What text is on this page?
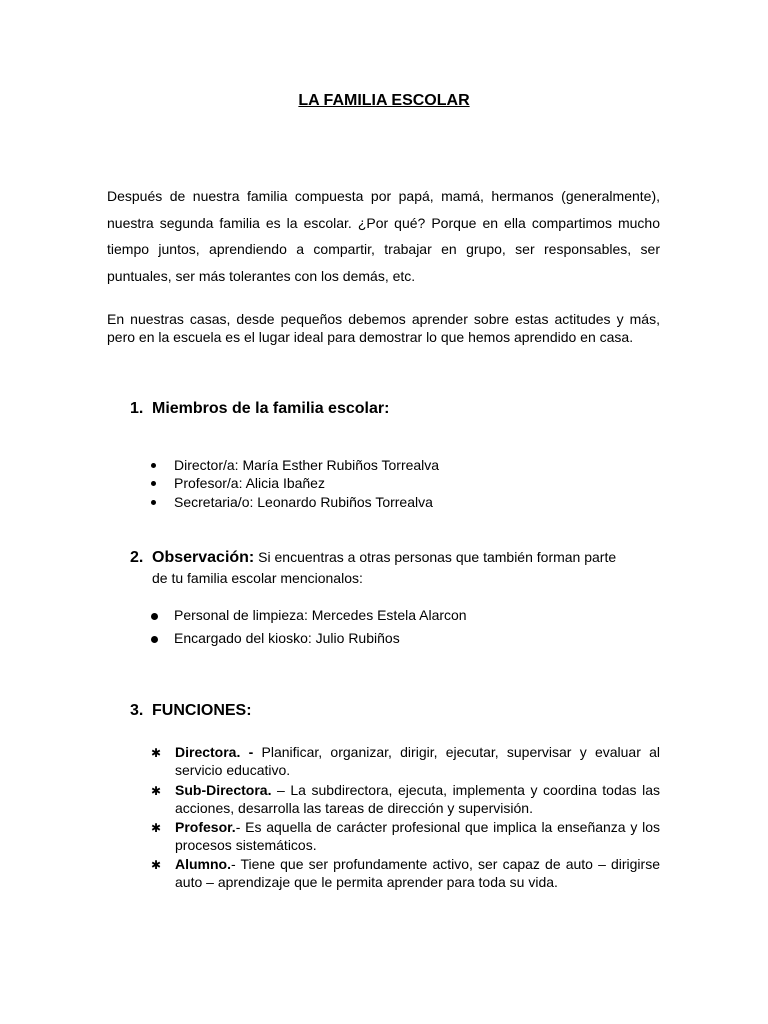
LA FAMILIA ESCOLAR

Después de nuestra familia compuesta por papá, mamá, hermanos (generalmente), nuestra segunda familia es la escolar. ¿Por qué? Porque en ella compartimos mucho tiempo juntos, aprendiendo a compartir, trabajar en grupo, ser responsables, ser puntuales, ser más tolerantes con los demás, etc.

En nuestras casas, desde pequeños debemos aprender sobre estas actitudes y más, pero en la escuela es el lugar ideal para demostrar lo que hemos aprendido en casa.

1. Miembros de la familia escolar:
Director/a: María Esther Rubiños Torrealva
Profesor/a: Alicia Ibañez
Secretaria/o: Leonardo Rubiños Torrealva
2. Observación: Si encuentras a otras personas que también forman parte
de tu familia escolar mencionalos:
Personal de limpieza: Mercedes Estela Alarcon
Encargado del kiosko: Julio Rubiños
3. FUNCIONES:
✱ Directora. - Planificar, organizar, dirigir, ejecutar, supervisar y evaluar al servicio educativo.
✱ Sub-Directora. – La subdirectora, ejecuta, implementa y coordina todas las acciones, desarrolla las tareas de dirección y supervisión.
✱ Profesor.- Es aquella de carácter profesional que implica la enseñanza y los procesos sistemáticos.
✱ Alumno.- Tiene que ser profundamente activo, ser capaz de auto – dirigirse auto – aprendizaje que le permita aprender para toda su vida.
